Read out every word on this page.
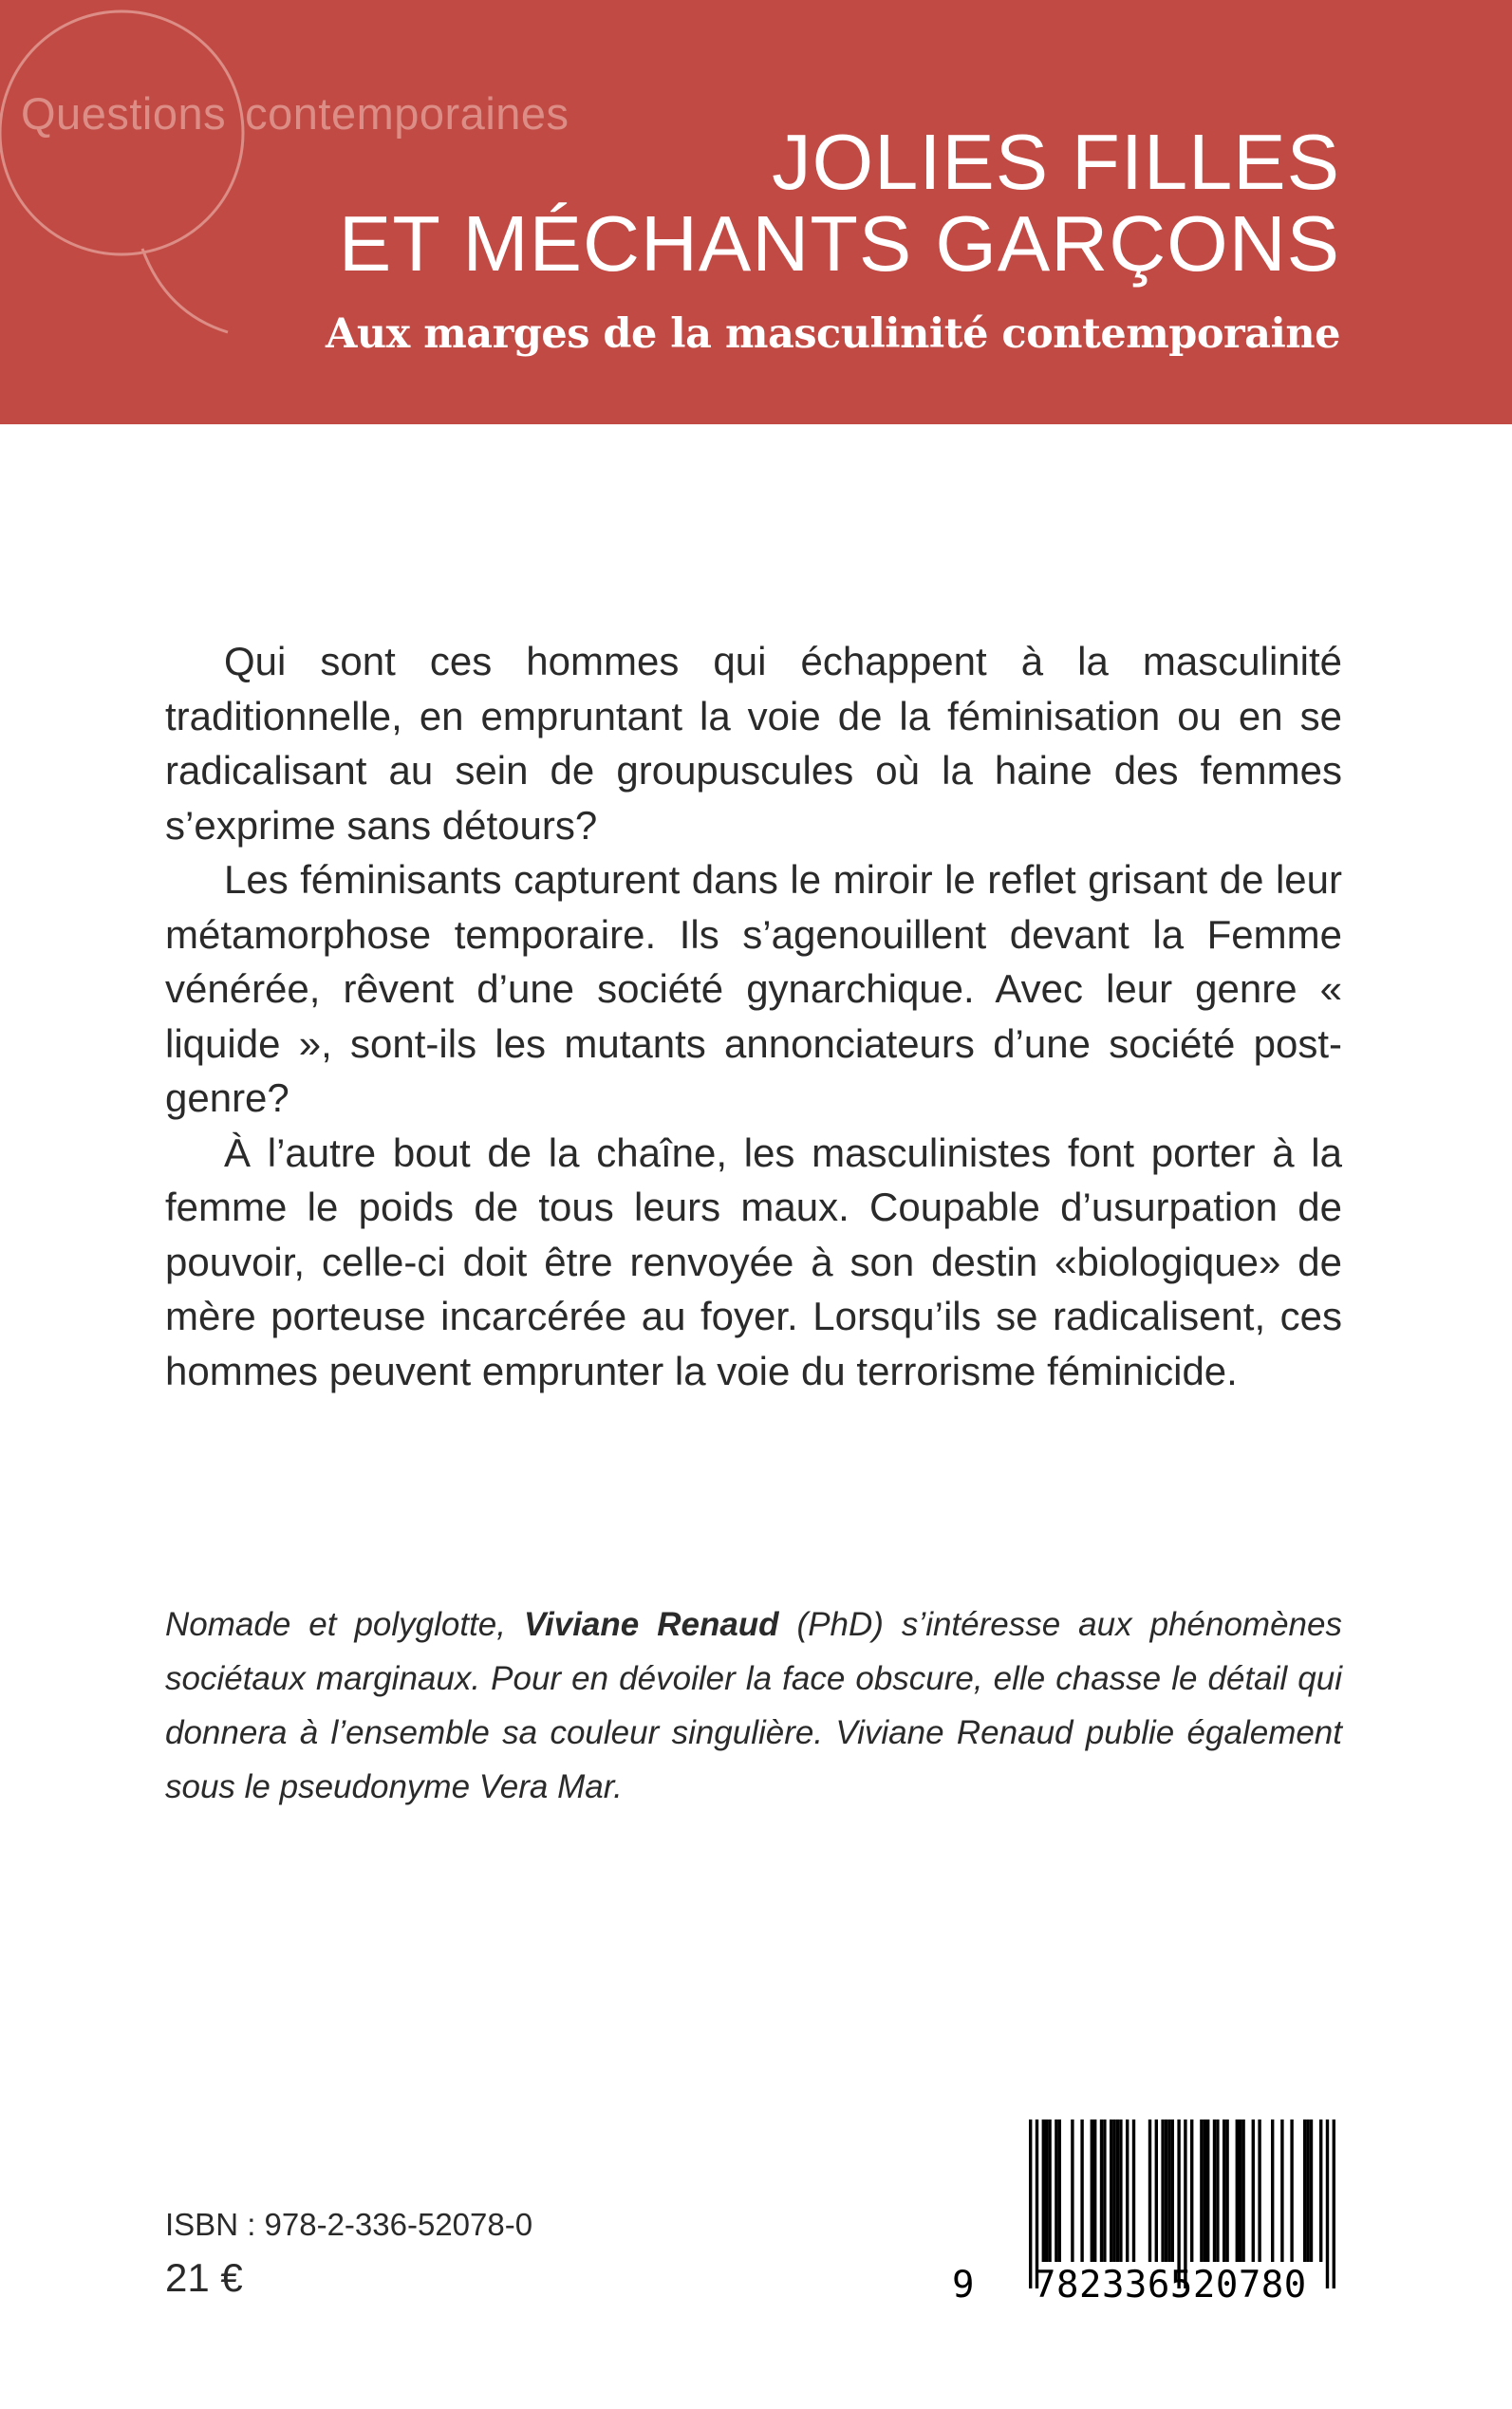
Questions contemporaines
JOLIES FILLES
ET MÉCHANTS GARÇONS
Aux marges de la masculinité contemporaine

Qui sont ces hommes qui échappent à la masculinité traditionnelle, en empruntant la voie de la féminisation ou en se radicalisant au sein de groupuscules où la haine des femmes s’exprime sans détours?

Les féminisants capturent dans le miroir le reflet grisant de leur métamorphose temporaire. Ils s’agenouillent devant la Femme vénérée, rêvent d’une société gynarchique. Avec leur genre « liquide », sont-ils les mutants annonciateurs d’une société post-genre?

À l’autre bout de la chaîne, les masculinistes font porter à la femme le poids de tous leurs maux. Coupable d’usurpation de pouvoir, celle-ci doit être renvoyée à son destin «biologique» de mère porteuse incarcérée au foyer. Lorsqu’ils se radicalisent, ces hommes peuvent emprunter la voie du terrorisme féminicide.

Nomade et polyglotte, Viviane Renaud (PhD) s’intéresse aux phénomènes sociétaux marginaux. Pour en dévoiler la face obscure, elle chasse le détail qui donnera à l’ensemble sa couleur singulière. Viviane Renaud publie également sous le pseudonyme Vera Mar.

ISBN : 978-2-336-52078-0
21 €	9 782336520780
